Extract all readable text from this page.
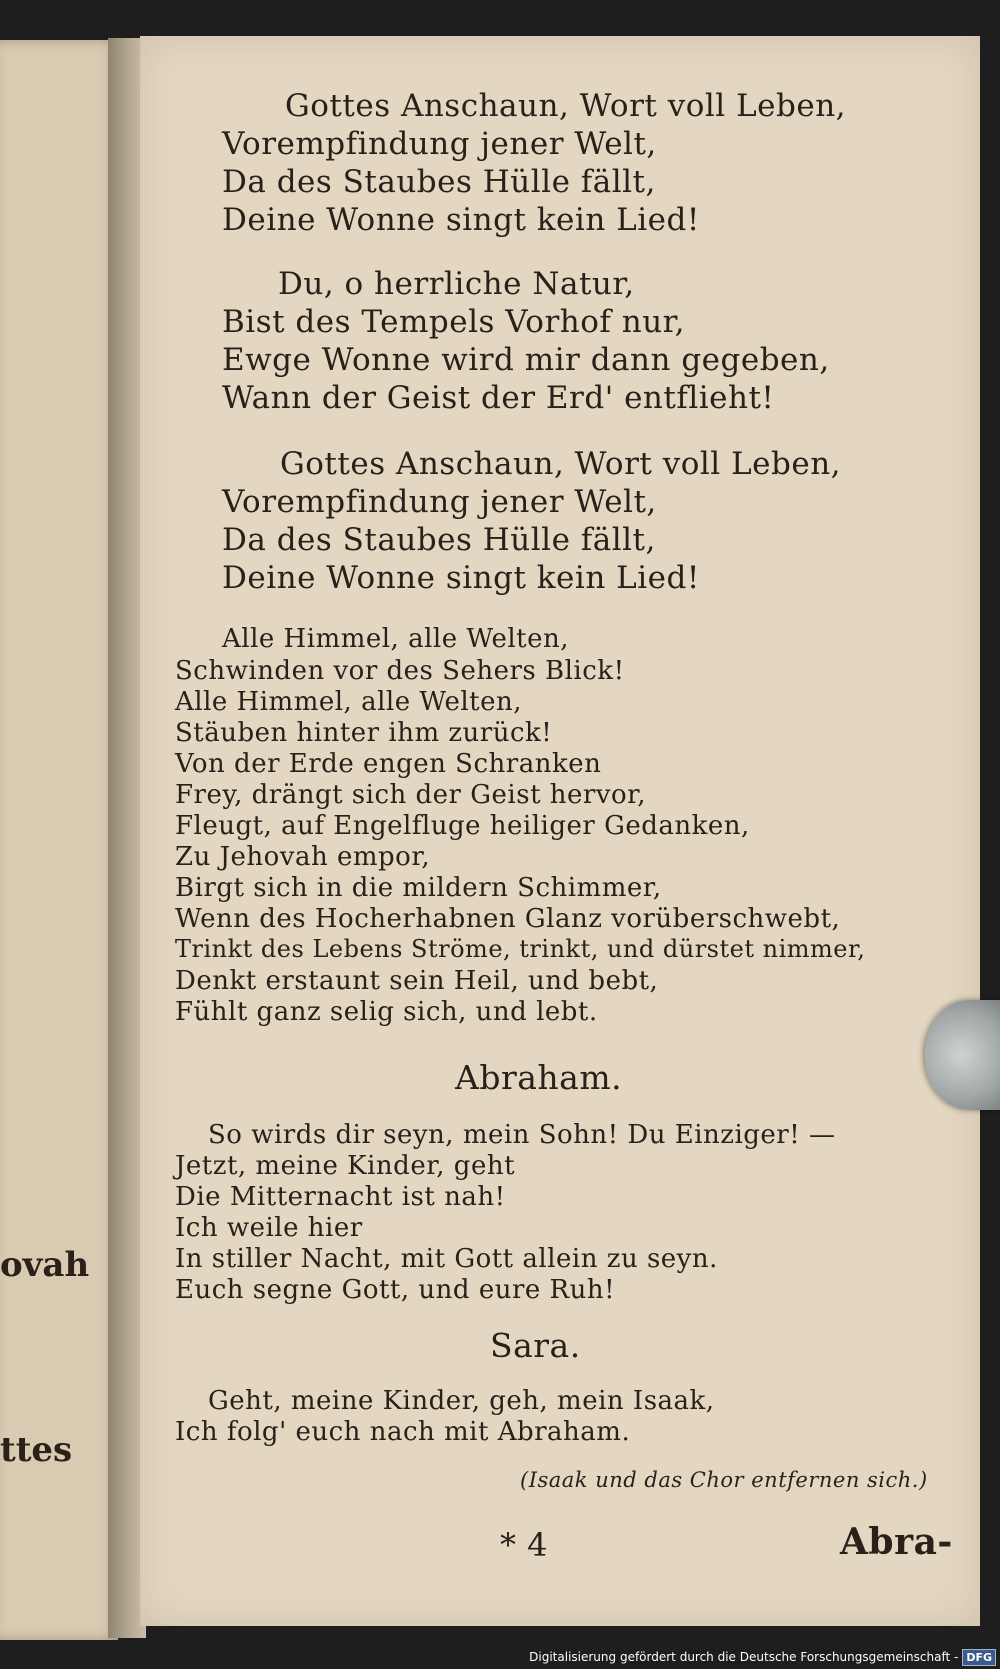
ovah
ttes
Gottes Anschaun, Wort voll Leben,
Vorempfindung jener Welt,
Da des Staubes Hülle fällt,
Deine Wonne singt kein Lied!
Du, o herrliche Natur,
Bist des Tempels Vorhof nur,
Ewge Wonne wird mir dann gegeben,
Wann der Geist der Erd' entflieht!
Gottes Anschaun, Wort voll Leben,
Vorempfindung jener Welt,
Da des Staubes Hülle fällt,
Deine Wonne singt kein Lied!
Alle Himmel, alle Welten,
Schwinden vor des Sehers Blick!
Alle Himmel, alle Welten,
Stäuben hinter ihm zurück!
Von der Erde engen Schranken
Frey, drängt sich der Geist hervor,
Fleugt, auf Engelfluge heiliger Gedanken,
Zu Jehovah empor,
Birgt sich in die mildern Schimmer,
Wenn des Hocherhabnen Glanz vorüberschwebt,
Trinkt des Lebens Ströme, trinkt, und dürstet nimmer,
Denkt erstaunt sein Heil, und bebt,
Fühlt ganz selig sich, und lebt.
Abraham.
So wirds dir seyn, mein Sohn! Du Einziger! —
Jetzt, meine Kinder, geht
Die Mitternacht ist nah!
Ich weile hier
In stiller Nacht, mit Gott allein zu seyn.
Euch segne Gott, und eure Ruh!
Sara.
Geht, meine Kinder, geh, mein Isaak,
Ich folg' euch nach mit Abraham.
(Isaak und das Chor entfernen sich.)
* 4	Abra-
Digitalisierung gefördert durch die Deutsche Forschungsgemeinschaft - DFG
